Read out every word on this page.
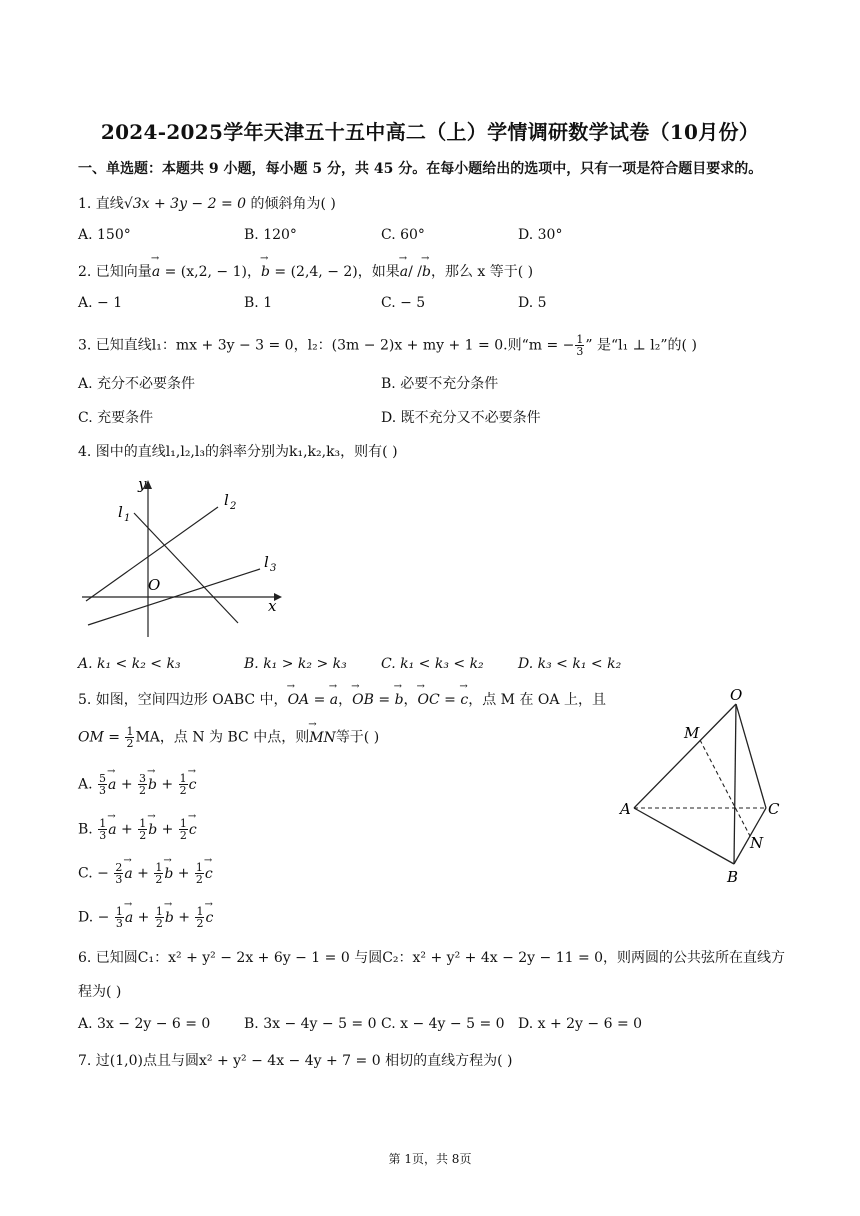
2024-2025学年天津五十五中高二（上）学情调研数学试卷（10月份）
一、单选题：本题共 9 小题，每小题 5 分，共 45 分。在每小题给出的选项中，只有一项是符合题目要求的。
1. 直线√3x + 3y − 2 = 0 的倾斜角为( )
A. 150°	B. 120°	C. 60°	D. 30°
2. 已知向量→ a = (x,2, − 1)，→ b = (2,4, − 2)，如果→ a/ /→ b，那么 x 等于( )
A. − 1	B. 1	C. − 5	D. 5
3. 已知直线l₁：mx + 3y − 3 = 0，l₂：(3m − 2)x + my + 1 = 0.则“m = − $\frac{1}{3}$ ” 是“l₁ ⊥ l₂”的( )
A. 充分不必要条件	B. 必要不充分条件
C. 充要条件	D. 既不充分又不必要条件
4. 图中的直线l₁,l₂,l₃的斜率分别为k₁,k₂,k₃，则有( )
y
x
O
l 1
l 2
l 3
A. k₁ < k₂ < k₃	B. k₁ > k₂ > k₃ C. k₁ < k₃ < k₂ D. k₃ < k₁ < k₂
5. 如图，空间四边形 OABC 中，→ OA = → a，→ OB = → b，→ OC = → c，点 M 在 OA 上，且
OM = $\frac{1}{2}$ MA，点 N 为 BC 中点，则→ MN等于( )
A. $\frac{5}{3}$
→ $a + \frac{3}{2}$
→ $b + \frac{1}{2}$
→ c
B. $\frac{1}{3}$
→ $a + \frac{1}{2}$
→ $b + \frac{1}{2}$
→ c
C. − $\frac{2}{3}$
→ $a + \frac{1}{2}$
→ $b + \frac{1}{2}$
→ c
D. − $\frac{1}{3}$
→ $a + \frac{1}{2}$
→ $b + \frac{1}{2}$
→ c
O
M
A
B
C
N
6. 已知圆C₁：x² + y² − 2x + 6y − 1 = 0 与圆C₂：x² + y² + 4x − 2y − 11 = 0，则两圆的公共弦所在直线方
程为( )
A. 3x − 2y − 6 = 0 B. 3x − 4y − 5 = 0 C. x − 4y − 5 = 0 D. x + 2y − 6 = 0
7. 过(1,0)点且与圆x² + y² − 4x − 4y + 7 = 0 相切的直线方程为( )
第 1页，共 8页
